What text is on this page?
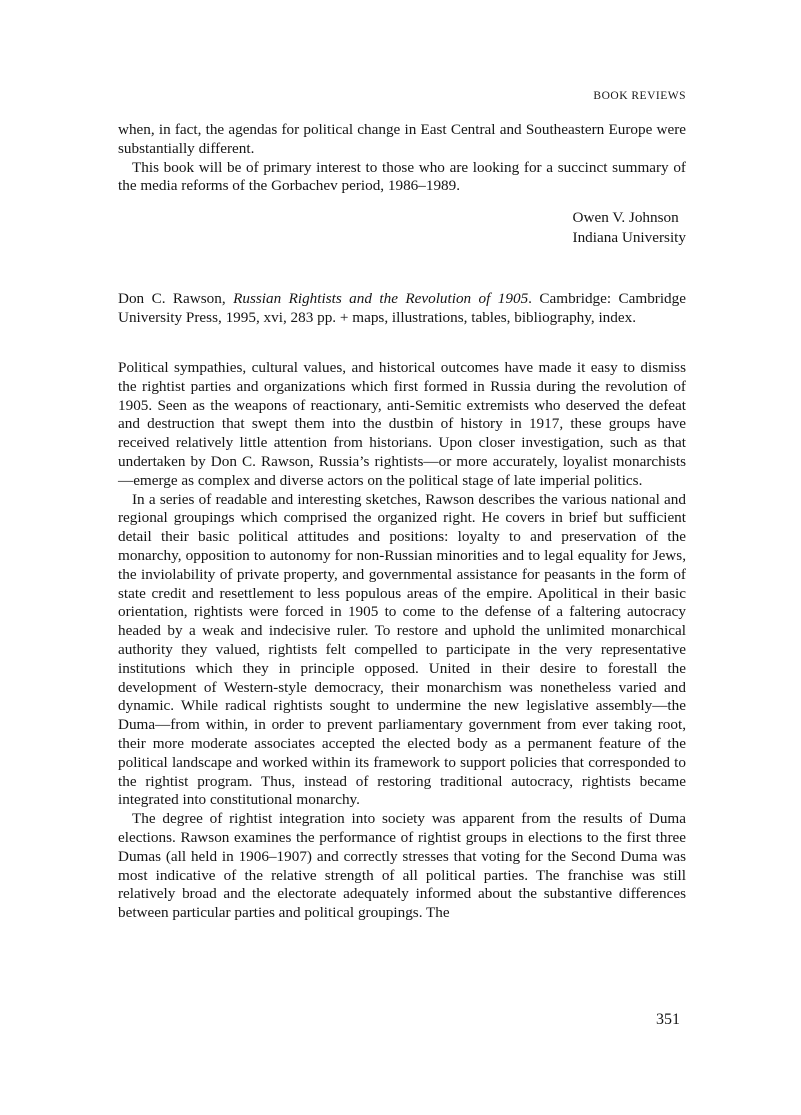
BOOK REVIEWS

when, in fact, the agendas for political change in East Central and Southeastern Europe were substantially different.

This book will be of primary interest to those who are looking for a succinct summary of the media reforms of the Gorbachev period, 1986–1989.

Owen V. Johnson
Indiana University

Don C. Rawson, Russian Rightists and the Revolution of 1905. Cambridge: Cambridge University Press, 1995, xvi, 283 pp. + maps, illustrations, tables, bibliography, index.

Political sympathies, cultural values, and historical outcomes have made it easy to dismiss the rightist parties and organizations which first formed in Russia during the revolution of 1905. Seen as the weapons of reactionary, anti-Semitic extremists who deserved the defeat and destruction that swept them into the dustbin of history in 1917, these groups have received relatively little attention from historians. Upon closer investigation, such as that undertaken by Don C. Rawson, Russia’s rightists—or more accurately, loyalist monarchists—emerge as complex and diverse actors on the political stage of late imperial politics.

In a series of readable and interesting sketches, Rawson describes the various national and regional groupings which comprised the organized right. He covers in brief but sufficient detail their basic political attitudes and positions: loyalty to and preservation of the monarchy, opposition to autonomy for non-Russian minorities and to legal equality for Jews, the inviolability of private property, and governmental assistance for peasants in the form of state credit and resettlement to less populous areas of the empire. Apolitical in their basic orientation, rightists were forced in 1905 to come to the defense of a faltering autocracy headed by a weak and indecisive ruler. To restore and uphold the unlimited monarchical authority they valued, rightists felt compelled to participate in the very representative institutions which they in principle opposed. United in their desire to forestall the development of Western-style democracy, their monarchism was nonetheless varied and dynamic. While radical rightists sought to undermine the new legislative assembly—the Duma—from within, in order to prevent parliamentary government from ever taking root, their more moderate associates accepted the elected body as a permanent feature of the political landscape and worked within its framework to support policies that corresponded to the rightist program. Thus, instead of restoring traditional autocracy, rightists became integrated into constitutional monarchy.

The degree of rightist integration into society was apparent from the results of Duma elections. Rawson examines the performance of rightist groups in elections to the first three Dumas (all held in 1906–1907) and correctly stresses that voting for the Second Duma was most indicative of the relative strength of all political parties. The franchise was still relatively broad and the electorate adequately informed about the substantive differences between particular parties and political groupings. The

351
